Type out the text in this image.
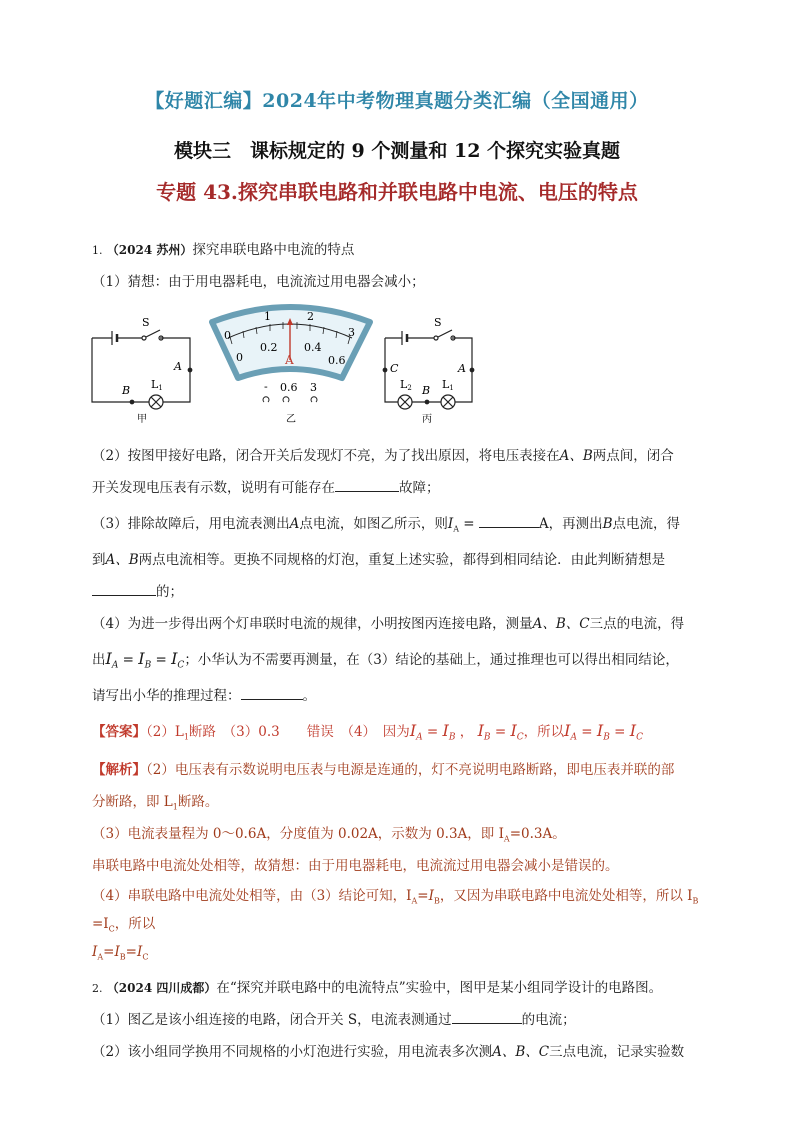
【好题汇编】2024年中考物理真题分类汇编（全国通用）
模块三　课标规定的 9 个测量和 12 个探究实验真题
专题 43.探究串联电路和并联电路中电流、电压的特点
1. （2024 苏州）探究串联电路中电流的特点
（1）猜想：由于用电器耗电，电流流过用电器会减小；
S
A
B L1
甲
0
1	2
3
0
0.2 0.4
0.6
A
- 0.6 3
乙
S
C	A
B
L2	L1
丙
（2）按图甲接好电路，闭合开关后发现灯不亮，为了找出原因，将电压表接在A、B两点间，闭合
开关发现电压表有示数，说明有可能存在	故障；
（3）排除故障后，用电流表测出A点电流，如图乙所示，则$I_A$ =	A，再测出B点电流，得
到A、B两点电流相等。更换不同规格的灯泡，重复上述实验，都得到相同结论．由此判断猜想是
的；
（4）为进一步得出两个灯串联时电流的规律，小明按图丙连接电路，测量A、B、C三点的电流，得
出$I_A = I_B = I_C$；小华认为不需要再测量，在（3）结论的基础上，通过推理也可以得出相同结论，
请写出小华的推理过程：	。
【答案】$(2)L_1$断路　（3）0.3　　错误　（4）　因为$I_A = I_B$ ， $I_B = I_C$，所以$I_A = I_B = I_C$
【解析】（2）电压表有示数说明电压表与电源是连通的，灯不亮说明电路断路，即电压表并联的部
分断路，即 $L_1$断路。
（3）电流表量程为 0～0.6A，分度值为 0.02A，示数为 0.3A，即 $I_A=0.3A$。
串联电路中电流处处相等，故猜想：由于用电器耗电，电流流过用电器会减小是错误的。
（4）串联电路中电流处处相等，由（3）结论可知，$I_A=I_B$，又因为串联电路中电流处处相等，所以 $I_B$
$=I_C$，所以
$I_A=I_B=I_C$
2. （2024 四川成都）在“探究并联电路中的电流特点”实验中，图甲是某小组同学设计的电路图。
（1）图乙是该小组连接的电路，闭合开关 S，电流表测通过	的电流；
（2）该小组同学换用不同规格的小灯泡进行实验，用电流表多次测A、B、C三点电流，记录实验数
